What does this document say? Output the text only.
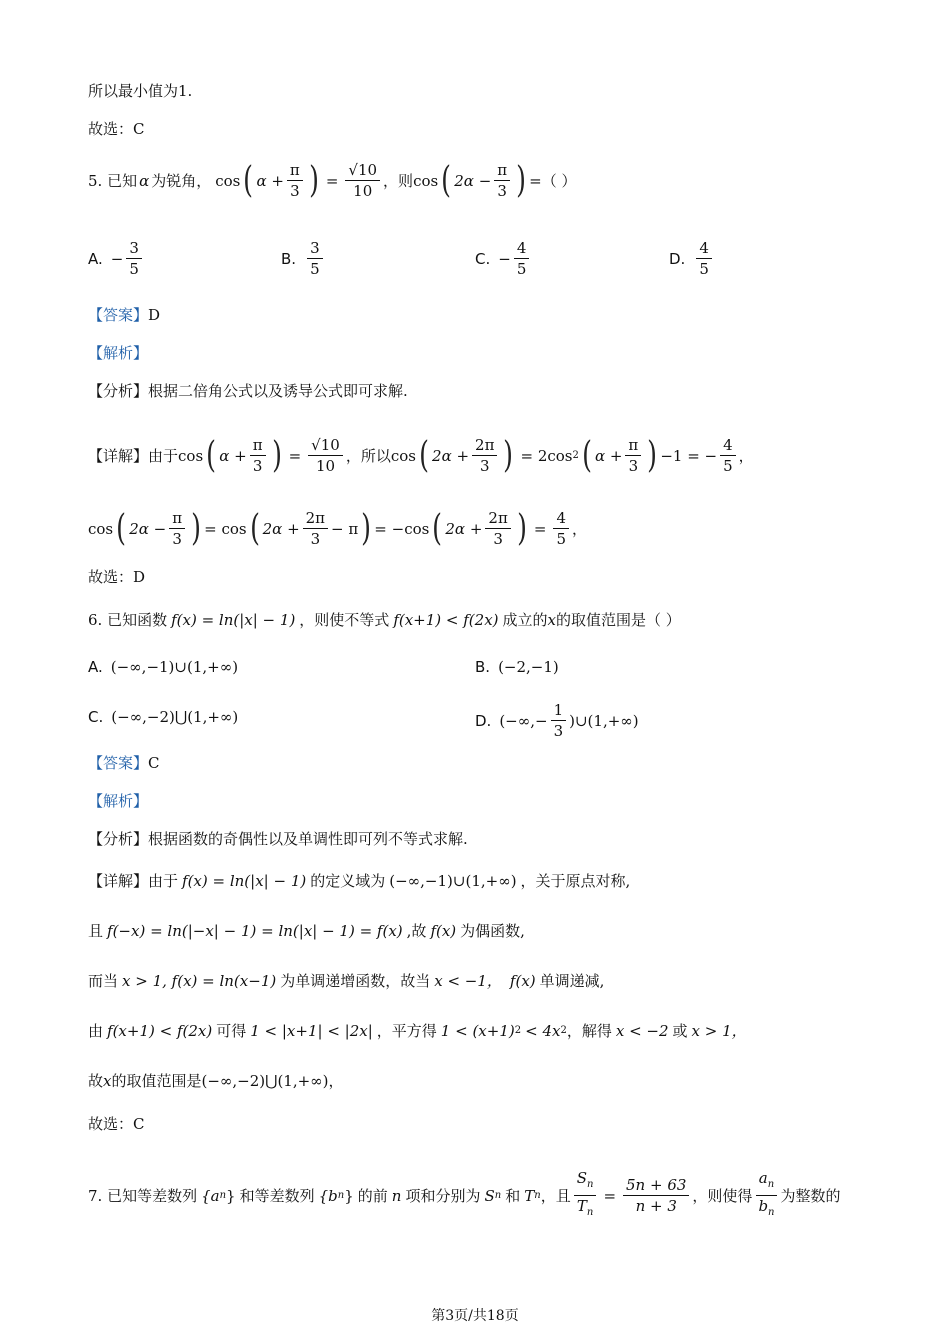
所以最小值为1.
故选：C
5. 已知 α 为锐角， cos ( $\alpha + \frac{\pi}{3}$ ) = $\frac{√10}{10}$ ，则 cos ( $2\alpha - \frac{\pi}{3}$ ) =（ ）
A. − $\frac{3}{5}$	B. $\frac{3}{5}$	C. − $\frac{4}{5}$	D. $\frac{4}{5}$
【答案】 D
【解析】
【分析】 根据二倍角公式以及诱导公式即可求解.
【详解】 由于 cos ( $\alpha + \frac{\pi}{3}$ ) = $\frac{√10}{10}$ ，所以 cos ( $2\alpha + \frac{2\pi}{3}$ ) = 2cos 2 ( $\alpha + \frac{\pi}{3}$ ) −1 = − $\frac{4}{5}$ ，
cos ( $2\alpha - \frac{\pi}{3}$ ) = cos ( $2\alpha + \frac{2\pi}{3} - \pi$ ) = −cos ( $2\alpha + \frac{2\pi}{3}$ ) = $\frac{4}{5}$ ，
故选：D
6. 已知函数 f(x) = ln(|x| − 1) ，则使不等式 f(x+1) < f(2x) 成立的 x 的取值范围是（ ）
A. (−∞,−1)∪(1,+∞)	B. (−2,−1)
C. (−∞,−2)⋃(1,+∞)	D. (−∞,− $\frac{1}{3}$ )∪(1,+∞)
【答案】 C
【解析】
【分析】 根据函数的奇偶性以及单调性即可列不等式求解.
【详解】 由于 f(x) = ln(|x| − 1) 的定义域为 (−∞,−1)∪(1,+∞) ，关于原点对称,
且 f(−x) = ln(|−x| − 1) = ln(|x| − 1) = f(x) ,故 f(x) 为偶函数,
而当 x > 1, f(x) = ln(x−1) 为单调递增函数，故当 x < −1， f(x) 单调递减,
由 f(x+1) < f(2x) 可得 1 < |x+1| < |2x| ，平方得 1 < (x+1) 2 < 4x 2 ，解得 x < −2 或 x > 1，
故 x 的取值范围是 (−∞,−2)⋃(1,+∞)，
故选：C
7. 已知等差数列 {a n } 和等差数列 {b n } 的前 n 项和分别为 S n 和 T n ，且 $\frac{S_n}{T_n} = \frac{5n + 63}{n + 3}$ ，则使得 $\frac{a_n}{b_n}$ 为整数的
第3页/共18页
